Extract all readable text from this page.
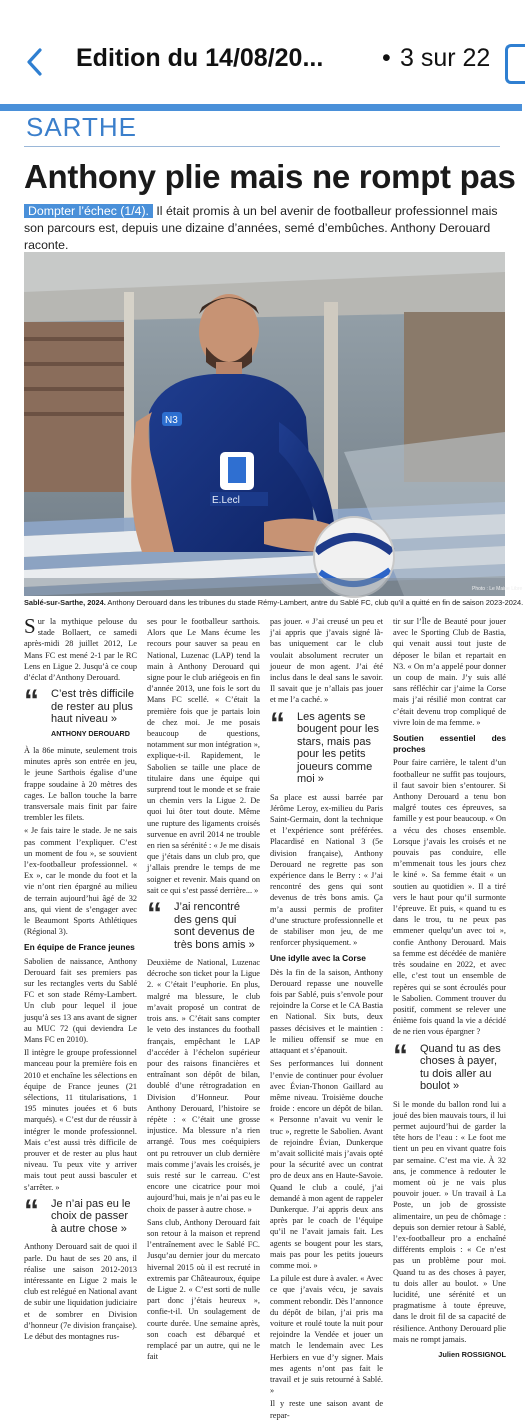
Edition du 14/08/20... • 3 sur 22
SARTHE
Anthony plie mais ne rompt pas
Dompter l’échec (1/4). Il était promis à un bel avenir de footballeur professionnel mais son parcours est, depuis une dizaine d’années, semé d’embûches. Anthony Derouard raconte.
N3
E.Lecl
Photo : Le Maine Libre
Sablé-sur-Sarthe, 2024. Anthony Derouard dans les tribunes du stade Rémy-Lambert, antre du Sablé FC, club qu’il a quitté en fin de saison 2023-2024.

Sur la mythique pelouse du stade Bollaert, ce samedi après-midi 28 juillet 2012, Le Mans FC est mené 2-1 par le RC Lens en Ligue 2. Jusqu’à ce coup d’éclat d’Anthony Derouard.

“ C’est très difficile de rester au plus haut niveau »
ANTHONY DEROUARD

À la 86e minute, seulement trois minutes après son entrée en jeu, le jeune Sarthois égalise d’une frappe soudaine à 20 mètres des cages. Le ballon touche la barre transversale mais finit par faire trembler les filets.

« Je fais taire le stade. Je ne sais pas comment l’expliquer. C’est un moment de fou », se souvient l’ex-footballeur professionnel. « Ex », car le monde du foot et la vie n’ont rien épargné au milieu de terrain aujourd’hui âgé de 32 ans, qui vient de s’engager avec le Beaumont Sports Athlétiques (Régional 3).

En équipe de France jeunes

Sabolien de naissance, Anthony Derouard fait ses premiers pas sur les rectangles verts du Sablé FC et son stade Rémy-Lambert. Un club pour lequel il joue jusqu’à ses 13 ans avant de signer au MUC 72 (qui deviendra Le Mans FC en 2010).

Il intègre le groupe professionnel manceau pour la première fois en 2010 et enchaîne les sélections en équipe de France jeunes (21 sélections, 11 titularisations, 1 195 minutes jouées et 6 buts marqués). « C’est dur de réussir à intégrer le monde professionnel. Mais c’est aussi très difficile de prouver et de rester au plus haut niveau. Tu peux vite y arriver mais tout peut aussi basculer et s’arrêter. »

“ Je n’ai pas eu le choix de passer à autre chose »

Anthony Derouard sait de quoi il parle. Du haut de ses 20 ans, il réalise une saison 2012-2013 intéressante en Ligue 2 mais le club est relégué en National avant de subir une liquidation judiciaire et de sombrer en Division d’honneur (7e division française). Le début des montagnes rus-

ses pour le footballeur sarthois. Alors que Le Mans écume les recours pour sauver sa peau en National, Luzenac (LAP) tend la main à Anthony Derouard qui signe pour le club ariégeois en fin d’année 2013, une fois le sort du Mans FC scellé. « C’était la première fois que je partais loin de chez moi. Je me posais beaucoup de questions, notamment sur mon intégration », explique-t-il. Rapidement, le Sabolien se taille une place de titulaire dans une équipe qui surprend tout le monde et se fraie un chemin vers la Ligue 2. De quoi lui ôter tout doute. Même une rupture des ligaments croisés survenue en avril 2014 ne trouble en rien sa sérénité : « Je me disais que j’étais dans un club pro, que j’allais prendre le temps de me soigner et revenir. Mais quand on sait ce qui s’est passé derrière... »

“ J’ai rencontré des gens qui sont devenus de très bons amis »

Deuxième de National, Luzenac décroche son ticket pour la Ligue 2. « C’était l’euphorie. En plus, malgré ma blessure, le club m’avait proposé un contrat de trois ans. » C’était sans compter le veto des instances du football français, empêchant le LAP d’accéder à l’échelon supérieur pour des raisons financières et entraînant son dépôt de bilan, doublé d’une rétrogradation en Division d’Honneur. Pour Anthony Derouard, l’histoire se répète : « C’était une grosse injustice. Ma blessure n’a rien arrangé. Tous mes coéquipiers ont pu retrouver un club dernière mais comme j’avais les croisés, je suis resté sur le carreau. C’est encore une cicatrice pour moi aujourd’hui, mais je n’ai pas eu le choix de passer à autre chose. »

Sans club, Anthony Derouard fait son retour à la maison et reprend l’entraînement avec le Sablé FC. Jusqu’au dernier jour du mercato hivernal 2015 où il est recruté in extremis par Châteauroux, équipe de Ligue 2. « C’est sorti de nulle part donc j’étais heureux », confie-t-il. Un soulagement de courte durée. Une semaine après, son coach est débarqué et remplacé par un autre, qui ne le fait

pas jouer. « J’ai creusé un peu et j’ai appris que j’avais signé là-bas uniquement car le club voulait absolument recruter un joueur de mon agent. J’ai été inclus dans le deal sans le savoir. Il savait que je n’allais pas jouer et me l’a caché. »

“ Les agents se bougent pour les stars, mais pas pour les petits joueurs comme moi »

Sa place est aussi barrée par Jérôme Leroy, ex-milieu du Paris Saint-Germain, dont la technique et l’expérience sont préférées. Placardisé en National 3 (5e division française), Anthony Derouard ne regrette pas son expérience dans le Berry : « J’ai rencontré des gens qui sont devenus de très bons amis. Ça m’a aussi permis de profiter d’une structure professionnelle et de stabiliser mon jeu, de me renforcer physiquement. »

Une idylle avec la Corse

Dès la fin de la saison, Anthony Derouard repasse une nouvelle fois par Sablé, puis s’envole pour rejoindre la Corse et le CA Bastia en National. Six buts, deux passes décisives et le maintien : le milieu offensif se mue en attaquant et s’épanouit.

Ses performances lui donnent l’envie de continuer pour évoluer avec Évian-Thonon Gaillard au même niveau. Troisième douche froide : encore un dépôt de bilan. « Personne n’avait vu venir le truc », regrette le Sabolien. Avant de rejoindre Évian, Dunkerque m’avait sollicité mais j’avais opté pour la sécurité avec un contrat pro de deux ans en Haute-Savoie. Quand le club a coulé, j’ai demandé à mon agent de rappeler Dunkerque. J’ai appris deux ans après par le coach de l’équipe qu’il ne l’avait jamais fait. Les agents se bougent pour les stars, mais pas pour les petits joueurs comme moi. »

La pilule est dure à avaler. « Avec ce que j’avais vécu, je savais comment rebondir. Dès l’annonce du dépôt de bilan, j’ai pris ma voiture et roulé toute la nuit pour rejoindre la Vendée et jouer un match le lendemain avec Les Herbiers en vue d’y signer. Mais mes agents n’ont pas fait le travail et je suis retourné à Sablé. »

Il y reste une saison avant de repar-

tir sur l’Île de Beauté pour jouer avec le Sporting Club de Bastia, qui venait aussi tout juste de déposer le bilan et repartait en N3. « On m’a appelé pour donner un coup de main. J’y suis allé sans réfléchir car j’aime la Corse mais j’ai résilié mon contrat car c’était devenu trop compliqué de vivre loin de ma femme. »

Soutien essentiel des proches

Pour faire carrière, le talent d’un footballeur ne suffit pas toujours, il faut savoir bien s’entourer. Si Anthony Derouard a tenu bon malgré toutes ces épreuves, sa famille y est pour beaucoup. « On a vécu des choses ensemble. Lorsque j’avais les croisés et ne pouvais pas conduire, elle m’emmenait tous les jours chez le kiné ». Sa femme était « un soutien au quotidien ». Il a tiré vers le haut pour qu’il surmonte l’épreuve. Et puis, « quand tu es dans le trou, tu ne peux pas emmener quelqu’un avec toi », confie Anthony Derouard. Mais sa femme est décédée de manière très soudaine en 2022, et avec elle, c’est tout un ensemble de repères qui se sont écroulés pour le Sabolien. Comment trouver du positif, comment se relever une énième fois quand la vie a décidé de ne rien vous épargner ?

“ Quand tu as des choses à payer, tu dois aller au boulot »

Si le monde du ballon rond lui a joué des bien mauvais tours, il lui permet aujourd’hui de garder la tête hors de l’eau : « Le foot me tient un peu en vivant quatre fois par semaine. C’est ma vie. À 32 ans, je commence à redouter le moment où je ne vais plus pouvoir jouer. » Un travail à La Poste, un job de grossiste alimentaire, un peu de chômage : depuis son dernier retour à Sablé, l’ex-footballeur pro a enchaîné différents emplois : « Ce n’est pas un problème pour moi. Quand tu as des choses à payer, tu dois aller au boulot. » Une lucidité, une sérénité et un pragmatisme à toute épreuve, dans le droit fil de sa capacité de résilience. Anthony Derouard plie mais ne rompt jamais.

Julien ROSSIGNOL
